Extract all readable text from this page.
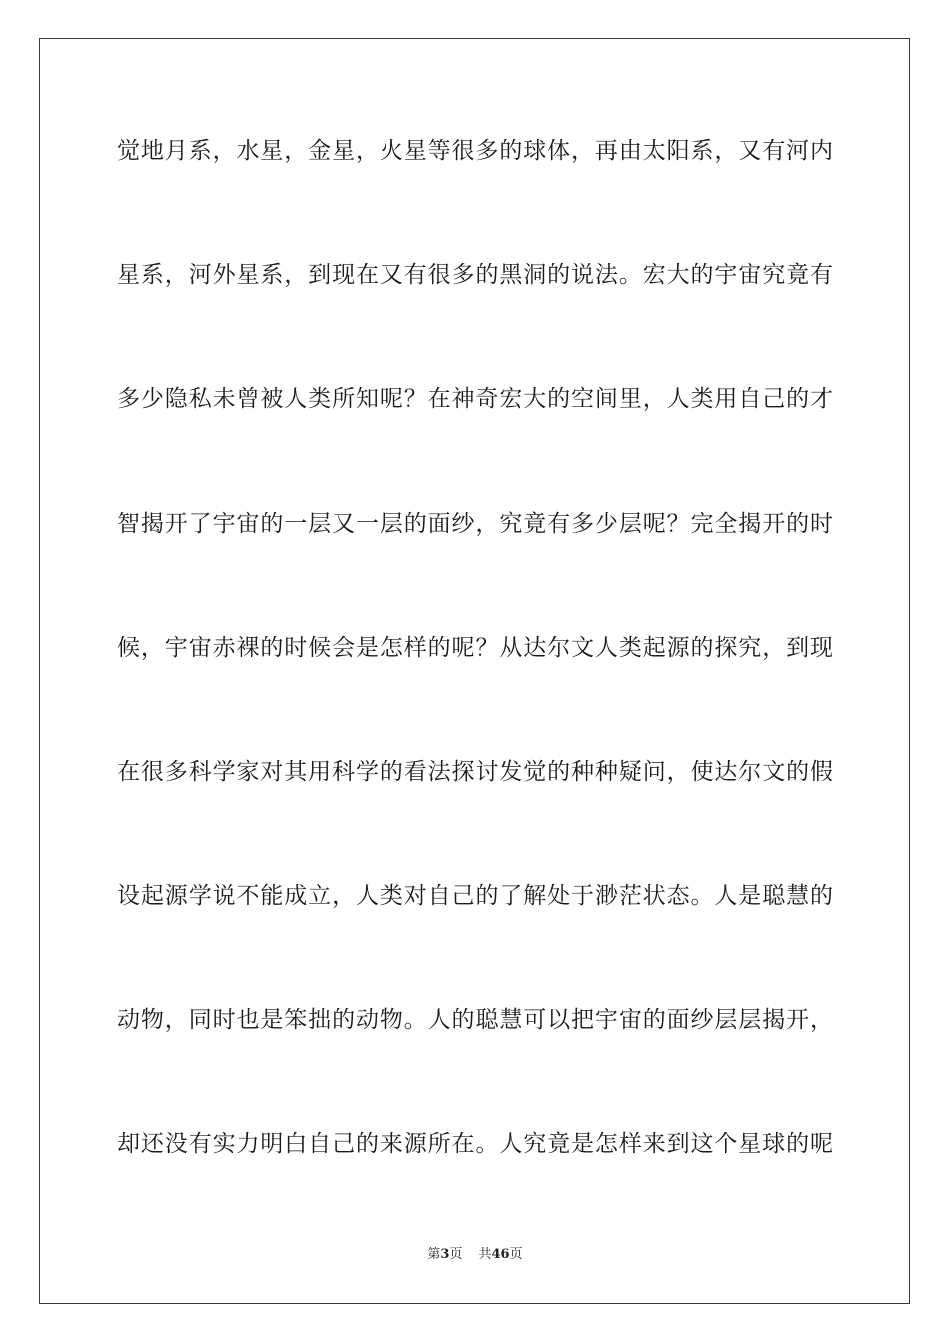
觉地月系，水星，金星，火星等很多的球体，再由太阳系，又有河内
星系，河外星系，到现在又有很多的黑洞的说法。宏大的宇宙究竟有
多少隐私未曾被人类所知呢？在神奇宏大的空间里，人类用自己的才
智揭开了宇宙的一层又一层的面纱，究竟有多少层呢？完全揭开的时
候，宇宙赤裸的时候会是怎样的呢？从达尔文人类起源的探究，到现
在很多科学家对其用科学的看法探讨发觉的种种疑问，使达尔文的假
设起源学说不能成立，人类对自己的了解处于渺茫状态。人是聪慧的
动物，同时也是笨拙的动物。人的聪慧可以把宇宙的面纱层层揭开，
却还没有实力明白自己的来源所在。人究竟是怎样来到这个星球的呢
第3页 共46页
